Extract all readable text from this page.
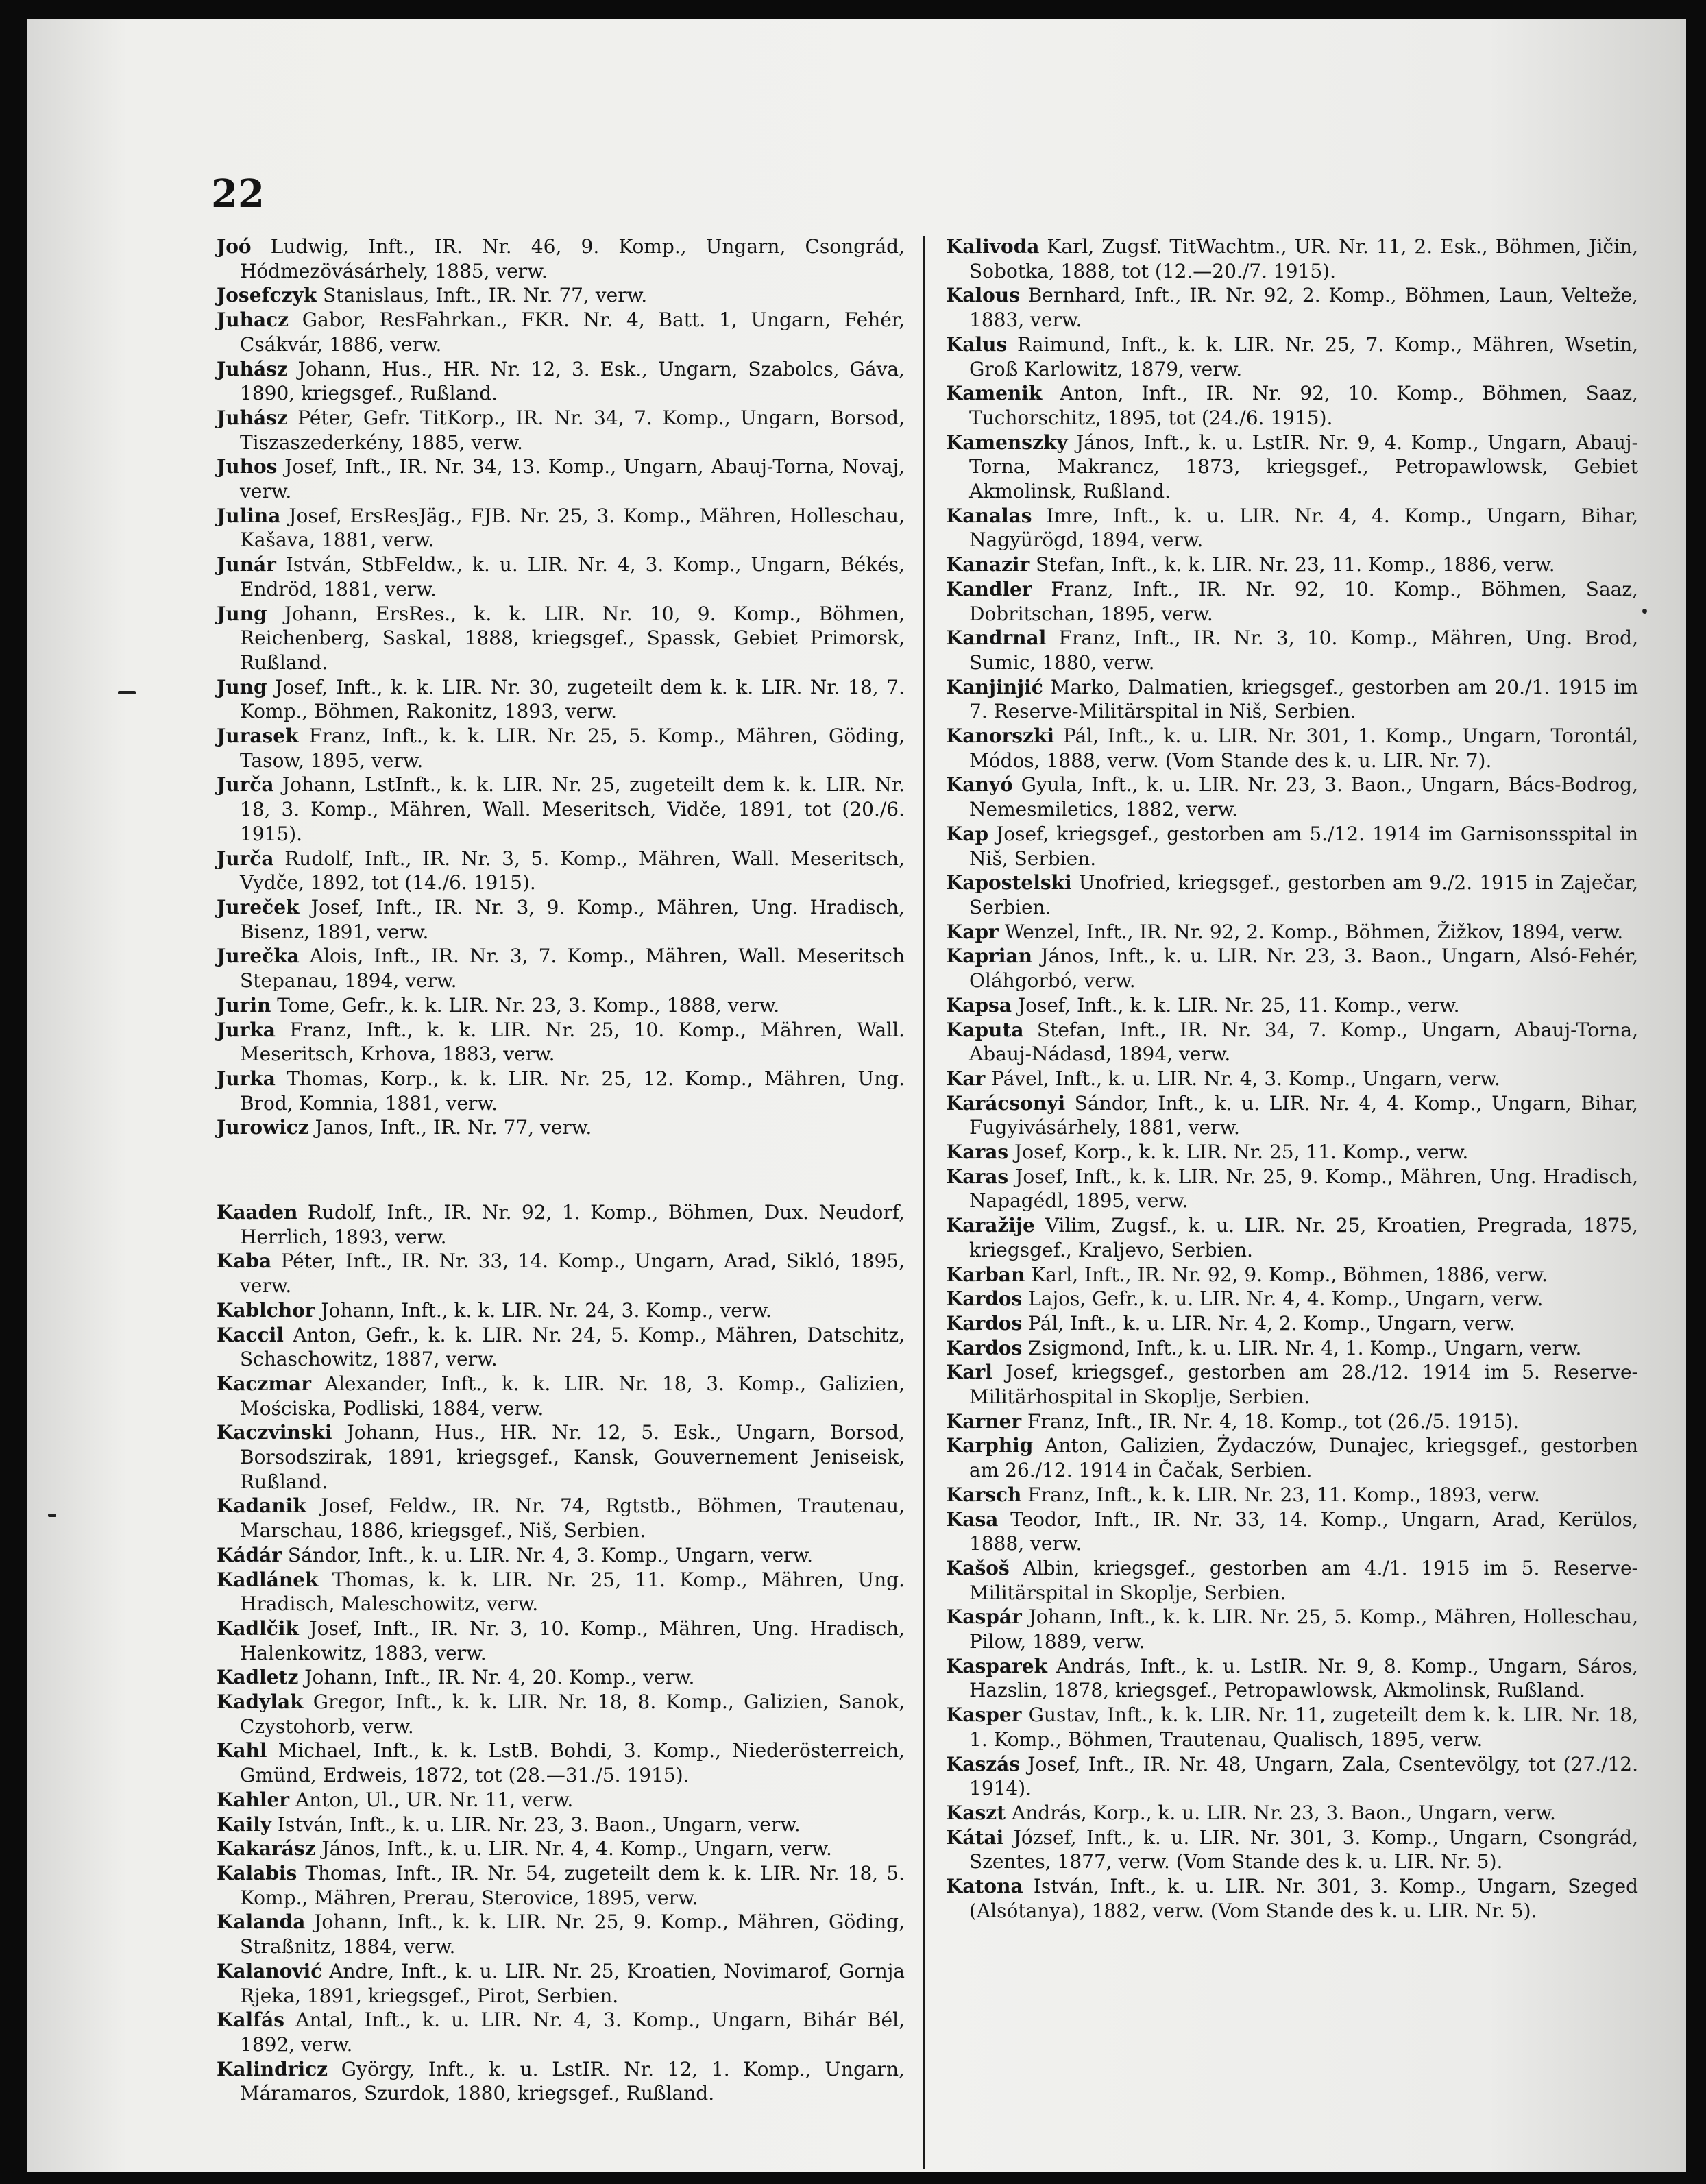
22

Joó Ludwig, Inft., IR. Nr. 46, 9. Komp., Ungarn, Csongrád, Hódmezövásárhely, 1885, verw.

Josefczyk Stanislaus, Inft., IR. Nr. 77, verw.

Juhacz Gabor, ResFahrkan., FKR. Nr. 4, Batt. 1, Ungarn, Fehér, Csákvár, 1886, verw.

Juhász Johann, Hus., HR. Nr. 12, 3. Esk., Ungarn, Szabolcs, Gáva, 1890, kriegsgef., Rußland.

Juhász Péter, Gefr. TitKorp., IR. Nr. 34, 7. Komp., Ungarn, Borsod, Tiszaszederkény, 1885, verw.

Juhos Josef, Inft., IR. Nr. 34, 13. Komp., Ungarn, Abauj-Torna, Novaj, verw.

Julina Josef, ErsResJäg., FJB. Nr. 25, 3. Komp., Mähren, Holleschau, Kašava, 1881, verw.

Junár István, StbFeldw., k. u. LIR. Nr. 4, 3. Komp., Ungarn, Békés, Endröd, 1881, verw.

Jung Johann, ErsRes., k. k. LIR. Nr. 10, 9. Komp., Böhmen, Reichenberg, Saskal, 1888, kriegsgef., Spassk, Gebiet Primorsk, Rußland.

Jung Josef, Inft., k. k. LIR. Nr. 30, zugeteilt dem k. k. LIR. Nr. 18, 7. Komp., Böhmen, Rakonitz, 1893, verw.

Jurasek Franz, Inft., k. k. LIR. Nr. 25, 5. Komp., Mähren, Göding, Tasow, 1895, verw.

Jurča Johann, LstInft., k. k. LIR. Nr. 25, zugeteilt dem k. k. LIR. Nr. 18, 3. Komp., Mähren, Wall. Meseritsch, Vidče, 1891, tot (20./6. 1915).

Jurča Rudolf, Inft., IR. Nr. 3, 5. Komp., Mähren, Wall. Meseritsch, Vydče, 1892, tot (14./6. 1915).

Jureček Josef, Inft., IR. Nr. 3, 9. Komp., Mähren, Ung. Hradisch, Bisenz, 1891, verw.

Jurečka Alois, Inft., IR. Nr. 3, 7. Komp., Mähren, Wall. Meseritsch Stepanau, 1894, verw.

Jurin Tome, Gefr., k. k. LIR. Nr. 23, 3. Komp., 1888, verw.

Jurka Franz, Inft., k. k. LIR. Nr. 25, 10. Komp., Mähren, Wall. Meseritsch, Krhova, 1883, verw.

Jurka Thomas, Korp., k. k. LIR. Nr. 25, 12. Komp., Mähren, Ung. Brod, Komnia, 1881, verw.

Jurowicz Janos, Inft., IR. Nr. 77, verw.

Kaaden Rudolf, Inft., IR. Nr. 92, 1. Komp., Böhmen, Dux. Neudorf, Herrlich, 1893, verw.

Kaba Péter, Inft., IR. Nr. 33, 14. Komp., Ungarn, Arad, Sikló, 1895, verw.

Kablchor Johann, Inft., k. k. LIR. Nr. 24, 3. Komp., verw.

Kaccil Anton, Gefr., k. k. LIR. Nr. 24, 5. Komp., Mähren, Datschitz, Schaschowitz, 1887, verw.

Kaczmar Alexander, Inft., k. k. LIR. Nr. 18, 3. Komp., Galizien, Mościska, Podliski, 1884, verw.

Kaczvinski Johann, Hus., HR. Nr. 12, 5. Esk., Ungarn, Borsod, Borsodszirak, 1891, kriegsgef., Kansk, Gouvernement Jeniseisk, Rußland.

Kadanik Josef, Feldw., IR. Nr. 74, Rgtstb., Böhmen, Trautenau, Marschau, 1886, kriegsgef., Niš, Serbien.

Kádár Sándor, Inft., k. u. LIR. Nr. 4, 3. Komp., Ungarn, verw.

Kadlánek Thomas, k. k. LIR. Nr. 25, 11. Komp., Mähren, Ung. Hradisch, Maleschowitz, verw.

Kadlčik Josef, Inft., IR. Nr. 3, 10. Komp., Mähren, Ung. Hradisch, Halenkowitz, 1883, verw.

Kadletz Johann, Inft., IR. Nr. 4, 20. Komp., verw.

Kadylak Gregor, Inft., k. k. LIR. Nr. 18, 8. Komp., Galizien, Sanok, Czystohorb, verw.

Kahl Michael, Inft., k. k. LstB. Bohdi, 3. Komp., Niederösterreich, Gmünd, Erdweis, 1872, tot (28.—31./5. 1915).

Kahler Anton, Ul., UR. Nr. 11, verw.

Kaily István, Inft., k. u. LIR. Nr. 23, 3. Baon., Ungarn, verw.

Kakarász János, Inft., k. u. LIR. Nr. 4, 4. Komp., Ungarn, verw.

Kalabis Thomas, Inft., IR. Nr. 54, zugeteilt dem k. k. LIR. Nr. 18, 5. Komp., Mähren, Prerau, Sterovice, 1895, verw.

Kalanda Johann, Inft., k. k. LIR. Nr. 25, 9. Komp., Mähren, Göding, Straßnitz, 1884, verw.

Kalanović Andre, Inft., k. u. LIR. Nr. 25, Kroatien, Novimarof, Gornja Rjeka, 1891, kriegsgef., Pirot, Serbien.

Kalfás Antal, Inft., k. u. LIR. Nr. 4, 3. Komp., Ungarn, Bihár Bél, 1892, verw.

Kalindricz György, Inft., k. u. LstIR. Nr. 12, 1. Komp., Ungarn, Máramaros, Szurdok, 1880, kriegsgef., Rußland.

Kalivoda Karl, Zugsf. TitWachtm., UR. Nr. 11, 2. Esk., Böhmen, Jičin, Sobotka, 1888, tot (12.—20./7. 1915).

Kalous Bernhard, Inft., IR. Nr. 92, 2. Komp., Böhmen, Laun, Velteže, 1883, verw.

Kalus Raimund, Inft., k. k. LIR. Nr. 25, 7. Komp., Mähren, Wsetin, Groß Karlowitz, 1879, verw.

Kamenik Anton, Inft., IR. Nr. 92, 10. Komp., Böhmen, Saaz, Tuchorschitz, 1895, tot (24./6. 1915).

Kamenszky János, Inft., k. u. LstIR. Nr. 9, 4. Komp., Ungarn, Abauj-Torna, Makrancz, 1873, kriegsgef., Petropawlowsk, Gebiet Akmolinsk, Rußland.

Kanalas Imre, Inft., k. u. LIR. Nr. 4, 4. Komp., Ungarn, Bihar, Nagyürögd, 1894, verw.

Kanazir Stefan, Inft., k. k. LIR. Nr. 23, 11. Komp., 1886, verw.

Kandler Franz, Inft., IR. Nr. 92, 10. Komp., Böhmen, Saaz, Dobritschan, 1895, verw.

Kandrnal Franz, Inft., IR. Nr. 3, 10. Komp., Mähren, Ung. Brod, Sumic, 1880, verw.

Kanjinjić Marko, Dalmatien, kriegsgef., gestorben am 20./1. 1915 im 7. Reserve-Militärspital in Niš, Serbien.

Kanorszki Pál, Inft., k. u. LIR. Nr. 301, 1. Komp., Ungarn, Torontál, Módos, 1888, verw. (Vom Stande des k. u. LIR. Nr. 7).

Kanyó Gyula, Inft., k. u. LIR. Nr. 23, 3. Baon., Ungarn, Bács-Bodrog, Nemesmiletics, 1882, verw.

Kap Josef, kriegsgef., gestorben am 5./12. 1914 im Garnisonsspital in Niš, Serbien.

Kapostelski Unofried, kriegsgef., gestorben am 9./2. 1915 in Zaječar, Serbien.

Kapr Wenzel, Inft., IR. Nr. 92, 2. Komp., Böhmen, Žižkov, 1894, verw.

Kaprian János, Inft., k. u. LIR. Nr. 23, 3. Baon., Ungarn, Alsó-Fehér, Oláhgorbó, verw.

Kapsa Josef, Inft., k. k. LIR. Nr. 25, 11. Komp., verw.

Kaputa Stefan, Inft., IR. Nr. 34, 7. Komp., Ungarn, Abauj-Torna, Abauj-Nádasd, 1894, verw.

Kar Pável, Inft., k. u. LIR. Nr. 4, 3. Komp., Ungarn, verw.

Karácsonyi Sándor, Inft., k. u. LIR. Nr. 4, 4. Komp., Ungarn, Bihar, Fugyivásárhely, 1881, verw.

Karas Josef, Korp., k. k. LIR. Nr. 25, 11. Komp., verw.

Karas Josef, Inft., k. k. LIR. Nr. 25, 9. Komp., Mähren, Ung. Hradisch, Napagédl, 1895, verw.

Karažije Vilim, Zugsf., k. u. LIR. Nr. 25, Kroatien, Pregrada, 1875, kriegsgef., Kraljevo, Serbien.

Karban Karl, Inft., IR. Nr. 92, 9. Komp., Böhmen, 1886, verw.

Kardos Lajos, Gefr., k. u. LIR. Nr. 4, 4. Komp., Ungarn, verw.

Kardos Pál, Inft., k. u. LIR. Nr. 4, 2. Komp., Ungarn, verw.

Kardos Zsigmond, Inft., k. u. LIR. Nr. 4, 1. Komp., Ungarn, verw.

Karl Josef, kriegsgef., gestorben am 28./12. 1914 im 5. Reserve-Militärhospital in Skoplje, Serbien.

Karner Franz, Inft., IR. Nr. 4, 18. Komp., tot (26./5. 1915).

Karphig Anton, Galizien, Żydaczów, Dunajec, kriegsgef., gestorben am 26./12. 1914 in Čačak, Serbien.

Karsch Franz, Inft., k. k. LIR. Nr. 23, 11. Komp., 1893, verw.

Kasa Teodor, Inft., IR. Nr. 33, 14. Komp., Ungarn, Arad, Kerülos, 1888, verw.

Kašoš Albin, kriegsgef., gestorben am 4./1. 1915 im 5. Reserve-Militärspital in Skoplje, Serbien.

Kaspár Johann, Inft., k. k. LIR. Nr. 25, 5. Komp., Mähren, Holleschau, Pilow, 1889, verw.

Kasparek András, Inft., k. u. LstIR. Nr. 9, 8. Komp., Ungarn, Sáros, Hazslin, 1878, kriegsgef., Petropawlowsk, Akmolinsk, Rußland.

Kasper Gustav, Inft., k. k. LIR. Nr. 11, zugeteilt dem k. k. LIR. Nr. 18, 1. Komp., Böhmen, Trautenau, Qualisch, 1895, verw.

Kaszás Josef, Inft., IR. Nr. 48, Ungarn, Zala, Csentevölgy, tot (27./12. 1914).

Kaszt András, Korp., k. u. LIR. Nr. 23, 3. Baon., Ungarn, verw.

Kátai József, Inft., k. u. LIR. Nr. 301, 3. Komp., Ungarn, Csongrád, Szentes, 1877, verw. (Vom Stande des k. u. LIR. Nr. 5).

Katona István, Inft., k. u. LIR. Nr. 301, 3. Komp., Ungarn, Szeged (Alsótanya), 1882, verw. (Vom Stande des k. u. LIR. Nr. 5).
